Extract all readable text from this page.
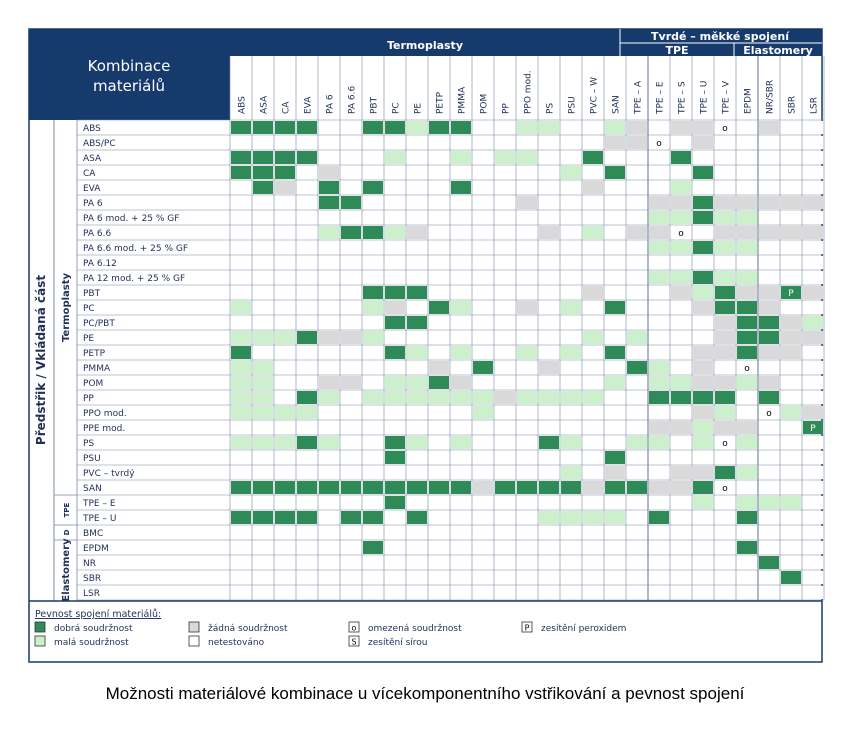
Kombinace materiálů
Termoplasty
Tvrdé – měkké spojení
TPE	Elastomery
Předstřik / Vkládaná část
o
o
o
P
o
o
P
o
o
ABS
ABS/PC
ASA
CA
EVA
PA 6
PA 6 mod. + 25 % GF
PA 6.6
PA 6.6 mod. + 25 % GF
PA 6.12
PA 12 mod. + 25 % GF
PBT
PC
PC/PBT
PE
PETP
PMMA
POM
PP
PPO mod.
PPE mod.
PS
PSU
PVC – tvrdý
SAN
TPE – E
TPE – U
BMC
EPDM
NR
SBR
LSR
ABS ASA CA EVA PA 6 PA 6.6 PBT PC PE PETP PMMA POM PP PPO mod. PS PSU PVC – W SAN TPE – A TPE – E TPE – S TPE – U TPE – V EPDM NR/SBR SBR LSR
Termoplasty
TPE
D
Elastomery
Pevnost spojení materiálů:
dobrá soudržnost
malá soudržnost
žádná soudržnost
netestováno
o omezená soudržnost
S zesítění sírou
P zesítění peroxidem
Možnosti materiálové kombinace u vícekomponentního vstřikování a pevnost spojení
